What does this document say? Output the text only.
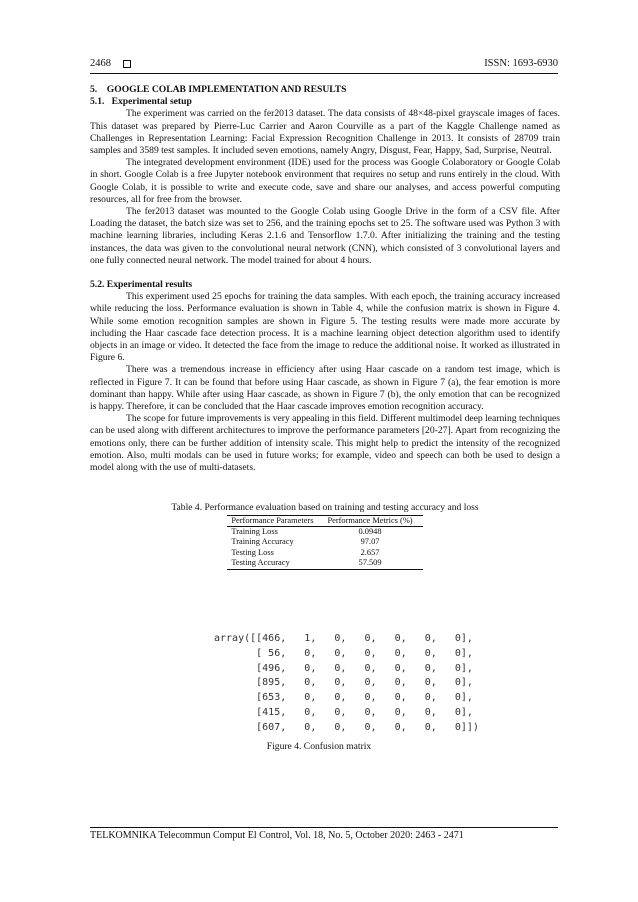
2468	ISSN: 1693-6930
5.    GOOGLE COLAB IMPLEMENTATION AND RESULTS
5.1.   Experimental setup

The experiment was carried on the fer2013 dataset. The data consists of 48×48-pixel grayscale images of faces. This dataset was prepared by Pierre-Luc Carrier and Aaron Courville as a part of the Kaggle Challenge named as Challenges in Representation Learning: Facial Expression Recognition Challenge in 2013. It consists of 28709 train samples and 3589 test samples. It included seven emotions, namely Angry, Disgust, Fear, Happy, Sad, Surprise, Neutral.

The integrated development environment (IDE) used for the process was Google Colaboratory or Google Colab in short. Google Colab is a free Jupyter notebook environment that requires no setup and runs entirely in the cloud. With Google Colab, it is possible to write and execute code, save and share our analyses, and access powerful computing resources, all for free from the browser.

The fer2013 dataset was mounted to the Google Colab using Google Drive in the form of a CSV file. After Loading the dataset, the batch size was set to 256, and the training epochs set to 25. The software used was Python 3 with machine learning libraries, including Keras 2.1.6 and Tensorflow 1.7.0. After initializing the training and the testing instances, the data was given to the convolutional neural network (CNN), which consisted of 3 convolutional layers and one fully connected neural network. The model trained for about 4 hours.

5.2. Experimental results

This experiment used 25 epochs for training the data samples. With each epoch, the training accuracy increased while reducing the loss. Performance evaluation is shown in Table 4, while the confusion matrix is shown in Figure 4. While some emotion recognition samples are shown in Figure 5. The testing results were made more accurate by including the Haar cascade face detection process. It is a machine learning object detection algorithm used to identify objects in an image or video. It detected the face from the image to reduce the additional noise. It worked as illustrated in Figure 6.

There was a tremendous increase in efficiency after using Haar cascade on a random test image, which is reflected in Figure 7. It can be found that before using Haar cascade, as shown in Figure 7 (a), the fear emotion is more dominant than happy. While after using Haar cascade, as shown in Figure 7 (b), the only emotion that can be recognized is happy. Therefore, it can be concluded that the Haar cascade improves emotion recognition accuracy.

The scope for future improvements is very appealing in this field. Different multimodel deep learning techniques can be used along with different architectures to improve the performance parameters [20-27]. Apart from recognizing the emotions only, there can be further addition of intensity scale. This might help to predict the intensity of the recognized emotion. Also, multi modals can be used in future works; for example, video and speech can both be used to design a model along with the use of multi-datasets.

Table 4. Performance evaluation based on training and testing accuracy and loss
Performance Parameters	Performance Metrics (%)
Training Loss	0.0948
Training Accuracy	97.07
Testing Loss	2.657
Testing Accuracy	57.509
array([[466,   1,   0,   0,   0,   0,   0],
[ 56,   0,   0,   0,   0,   0,   0],
[496,   0,   0,   0,   0,   0,   0],
[895,   0,   0,   0,   0,   0,   0],
[653,   0,   0,   0,   0,   0,   0],
[415,   0,   0,   0,   0,   0,   0],
[607,   0,   0,   0,   0,   0,   0]])
Figure 4. Confusion matrix
TELKOMNIKA Telecommun Comput El Control, Vol. 18, No. 5, October 2020: 2463 - 2471
